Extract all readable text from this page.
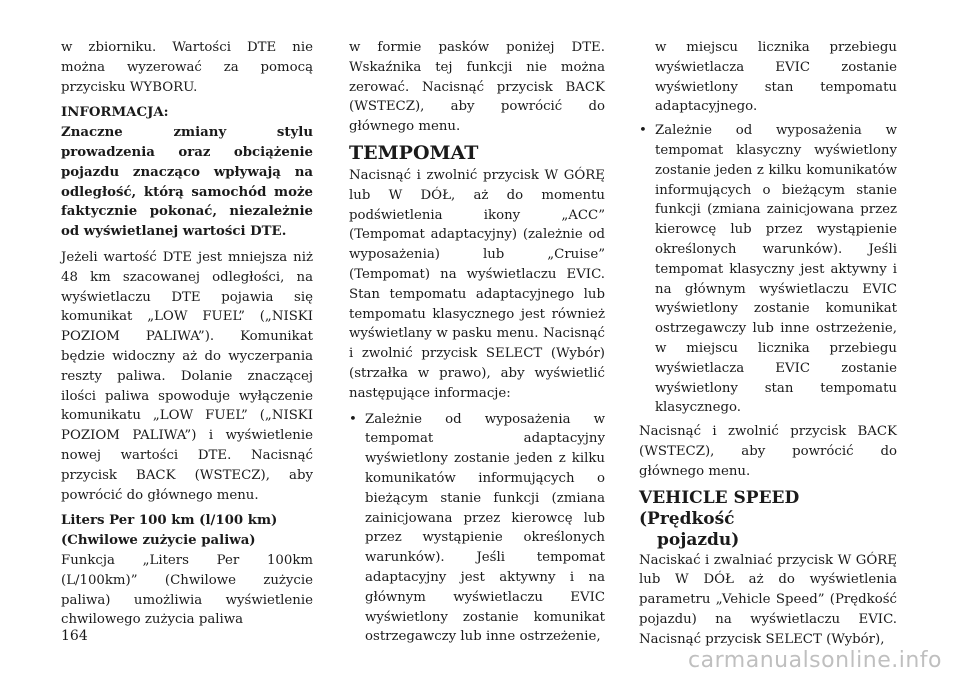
w zbiorniku. Wartości DTE nie można wyzerować za pomocą przycisku WYBORU.

INFORMACJA:

Znaczne zmiany stylu prowadzenia oraz obciążenie pojazdu znacząco wpływają na odległość, którą samochód może faktycznie pokonać, niezależnie od wyświetlanej wartości DTE.

Jeżeli wartość DTE jest mniejsza niż 48 km szacowanej odległości, na wyświetlaczu DTE pojawia się komunikat „LOW FUEL” („NISKI POZIOM PALIWA”). Komunikat będzie widoczny aż do wyczerpania reszty paliwa. Dolanie znaczącej ilości paliwa spowoduje wyłączenie komunikatu „LOW FUEL” („NISKI POZIOM PALIWA”) i wyświetlenie nowej wartości DTE. Nacisnąć przycisk BACK (WSTECZ), aby powrócić do głównego menu.

Liters Per 100 km (l/100 km)
(Chwilowe zużycie paliwa)

Funkcja „Liters Per 100km (L/100km)” (Chwilowe zużycie paliwa) umożliwia wyświetlenie chwilowego zużycia paliwa

w formie pasków poniżej DTE. Wskaźnika tej funkcji nie można zerować. Nacisnąć przycisk BACK (WSTECZ), aby powrócić do głównego menu.

TEMPOMAT

Nacisnąć i zwolnić przycisk W GÓRĘ lub W DÓŁ, aż do momentu podświetlenia ikony „ACC” (Tempomat adaptacyjny) (zależnie od wyposażenia) lub „Cruise” (Tempomat) na wyświetlaczu EVIC. Stan tempomatu adaptacyjnego lub tempomatu klasycznego jest również wyświetlany w pasku menu. Nacisnąć i zwolnić przycisk SELECT (Wybór) (strzałka w prawo), aby wyświetlić następujące informacje:

• Zależnie od wyposażenia w tempomat adaptacyjny wyświetlony zostanie jeden z kilku komunikatów informujących o bieżącym stanie funkcji (zmiana zainicjowana przez kierowcę lub przez wystąpienie określonych warunków). Jeśli tempomat adaptacyjny jest aktywny i na głównym wyświetlaczu EVIC wyświetlony zostanie komunikat ostrzegawczy lub inne ostrzeżenie,
w miejscu licznika przebiegu wyświetlacza EVIC zostanie wyświetlony stan tempomatu adaptacyjnego.
• Zależnie od wyposażenia w tempomat klasyczny wyświetlony zostanie jeden z kilku komunikatów informujących o bieżącym stanie funkcji (zmiana zainicjowana przez kierowcę lub przez wystąpienie określonych warunków). Jeśli tempomat klasyczny jest aktywny i na głównym wyświetlaczu EVIC wyświetlony zostanie komunikat ostrzegawczy lub inne ostrzeżenie, w miejscu licznika przebiegu wyświetlacza EVIC zostanie wyświetlony stan tempomatu klasycznego.

Nacisnąć i zwolnić przycisk BACK (WSTECZ), aby powrócić do głównego menu.

VEHICLE SPEED (Prędkość
pojazdu)

Naciskać i zwalniać przycisk W GÓRĘ lub W DÓŁ aż do wyświetlenia parametru „Vehicle Speed” (Prędkość pojazdu) na wyświetlaczu EVIC. Nacisnąć przycisk SELECT (Wybór),

164
carmanualsonline.info
